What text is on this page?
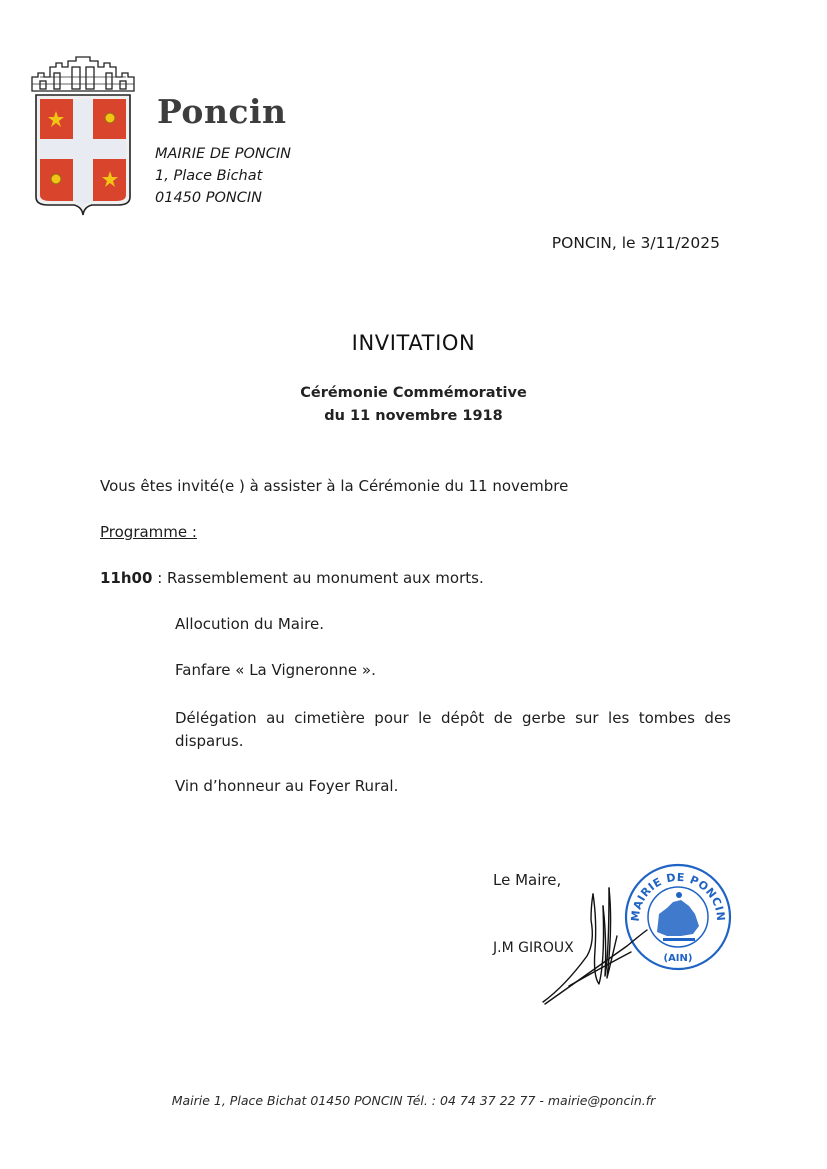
Poncin
MAIRIE DE PONCIN
1, Place Bichat
01450 PONCIN
PONCIN, le 3/11/2025
INVITATION
Cérémonie Commémorative
du 11 novembre 1918
Vous êtes invité(e ) à assister à la Cérémonie du 11 novembre
Programme :
11h00 : Rassemblement au monument aux morts.
Allocution du Maire.
Fanfare « La Vigneronne ».
Délégation au cimetière pour le dépôt de gerbe sur les tombes des
disparus.
Vin d’honneur au Foyer Rural.
Le Maire,
J.M GIROUX
MAIRIE DE PONCIN
(AIN)
Mairie 1, Place Bichat 01450 PONCIN Tél. : 04 74 37 22 77 - mairie@poncin.fr
